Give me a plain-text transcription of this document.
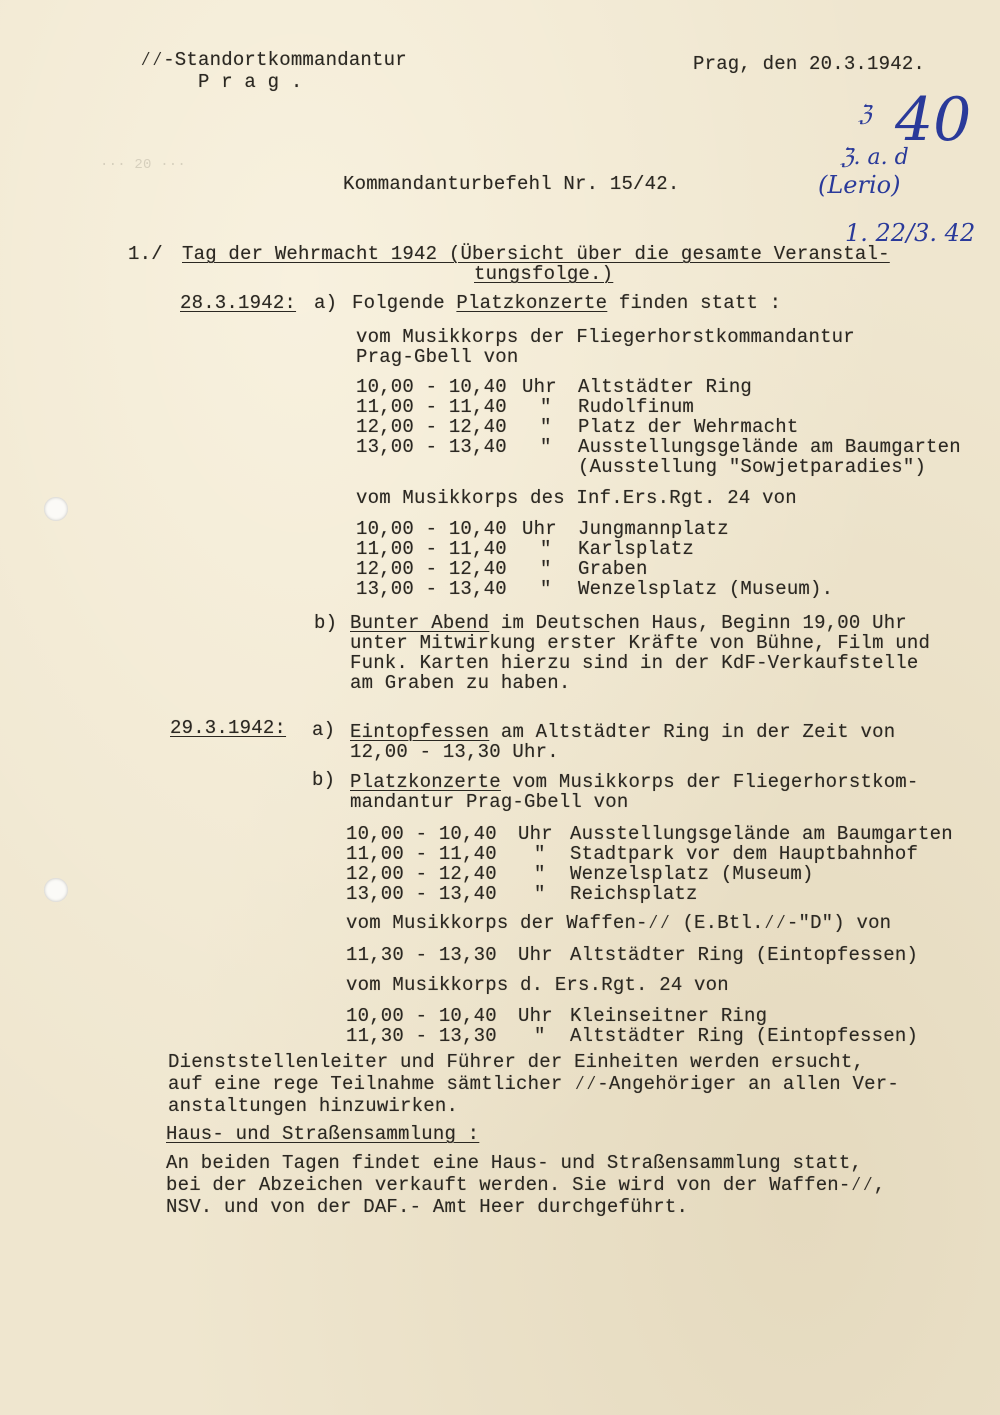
⁄⁄-Standortkommandantur
P r a g .
Prag, den 20.3.1942.
40
ℨ
ℨ. a. d
(Lerio)
1. 22/3. 42
··· 20 ···
Kommandanturbefehl Nr. 15/42.
1./ Tag der Wehrmacht 1942 (Übersicht über die gesamte Veranstal-
tungsfolge.)
28.3.1942: a) Folgende Platzkonzerte finden statt :
vom Musikkorps der Fliegerhorstkommandantur
Prag-Gbell von
10,00 - 10,40 Uhr Altstädter Ring
11,00 - 11,40 " Rudolfinum
12,00 - 12,40 " Platz der Wehrmacht
13,00 - 13,40 " Ausstellungsgelände am Baumgarten
(Ausstellung "Sowjetparadies")
vom Musikkorps des Inf.Ers.Rgt. 24 von
10,00 - 10,40 Uhr Jungmannplatz
11,00 - 11,40 " Karlsplatz
12,00 - 12,40 " Graben
13,00 - 13,40 " Wenzelsplatz (Museum).
b) Bunter Abend im Deutschen Haus, Beginn 19,00 Uhr
unter Mitwirkung erster Kräfte von Bühne, Film und
Funk. Karten hierzu sind in der KdF-Verkaufstelle
am Graben zu haben.
29.3.1942: a) Eintopfessen am Altstädter Ring in der Zeit von
12,00 - 13,30 Uhr.
b) Platzkonzerte vom Musikkorps der Fliegerhorstkom-
mandantur Prag-Gbell von
10,00 - 10,40 Uhr Ausstellungsgelände am Baumgarten
11,00 - 11,40 " Stadtpark vor dem Hauptbahnhof
12,00 - 12,40 " Wenzelsplatz (Museum)
13,00 - 13,40 " Reichsplatz
vom Musikkorps der Waffen-⁄⁄ (E.Btl.⁄⁄-"D") von
11,30 - 13,30 Uhr Altstädter Ring (Eintopfessen)
vom Musikkorps d. Ers.Rgt. 24 von
10,00 - 10,40 Uhr Kleinseitner Ring
11,30 - 13,30 " Altstädter Ring (Eintopfessen)
Dienststellenleiter und Führer der Einheiten werden ersucht,
auf eine rege Teilnahme sämtlicher ⁄⁄-Angehöriger an allen Ver-
anstaltungen hinzuwirken.
Haus- und Straßensammlung :
An beiden Tagen findet eine Haus- und Straßensammlung statt,
bei der Abzeichen verkauft werden. Sie wird von der Waffen-⁄⁄,
NSV. und von der DAF.- Amt Heer durchgeführt.
